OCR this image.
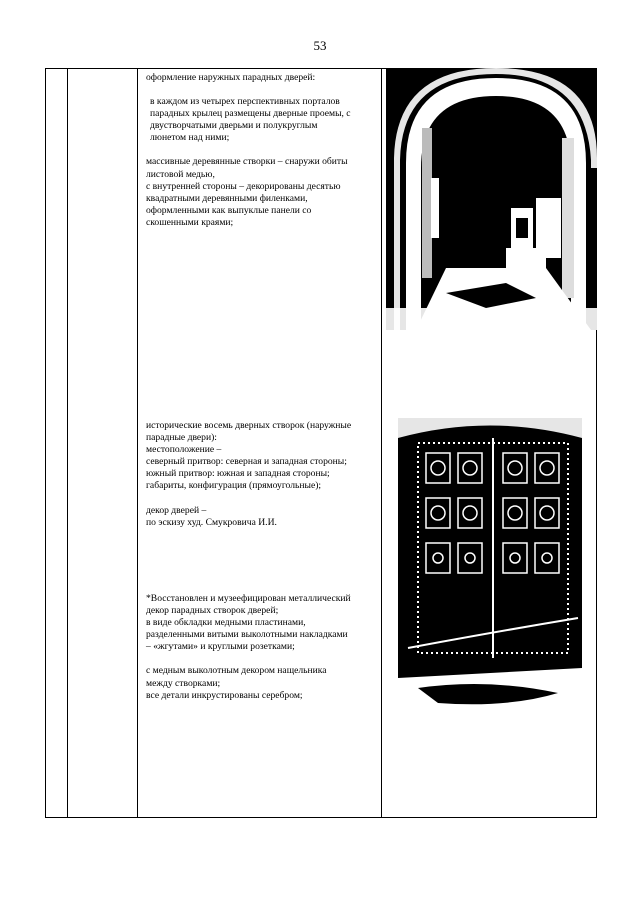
53

оформление наружных парадных дверей:

в каждом из четырех перспективных порталов
парадных крылец размещены дверные проемы, с
двустворчатыми дверьми и полукруглым
люнетом над ними;

массивные деревянные створки – снаружи обиты
листовой медью,
с внутренней стороны – декорированы десятью
квадратными деревянными филенками,
оформленными как выпуклые панели со
скошенными краями;

исторические восемь дверных створок (наружные
парадные двери):
местоположение –
северный притвор: северная и западная стороны;
южный притвор: южная и западная стороны;
габариты, конфигурация (прямоугольные);

декор дверей –
по эскизу худ. Смукровича И.И.

*Восстановлен и музеефицирован металлический
декор парадных створок дверей;
в виде обкладки медными пластинами,
разделенными витыми выколотными накладками
– «жгутами» и круглыми розетками;

с медным выколотным декором нащельника
между створками;
все детали инкрустированы серебром;
